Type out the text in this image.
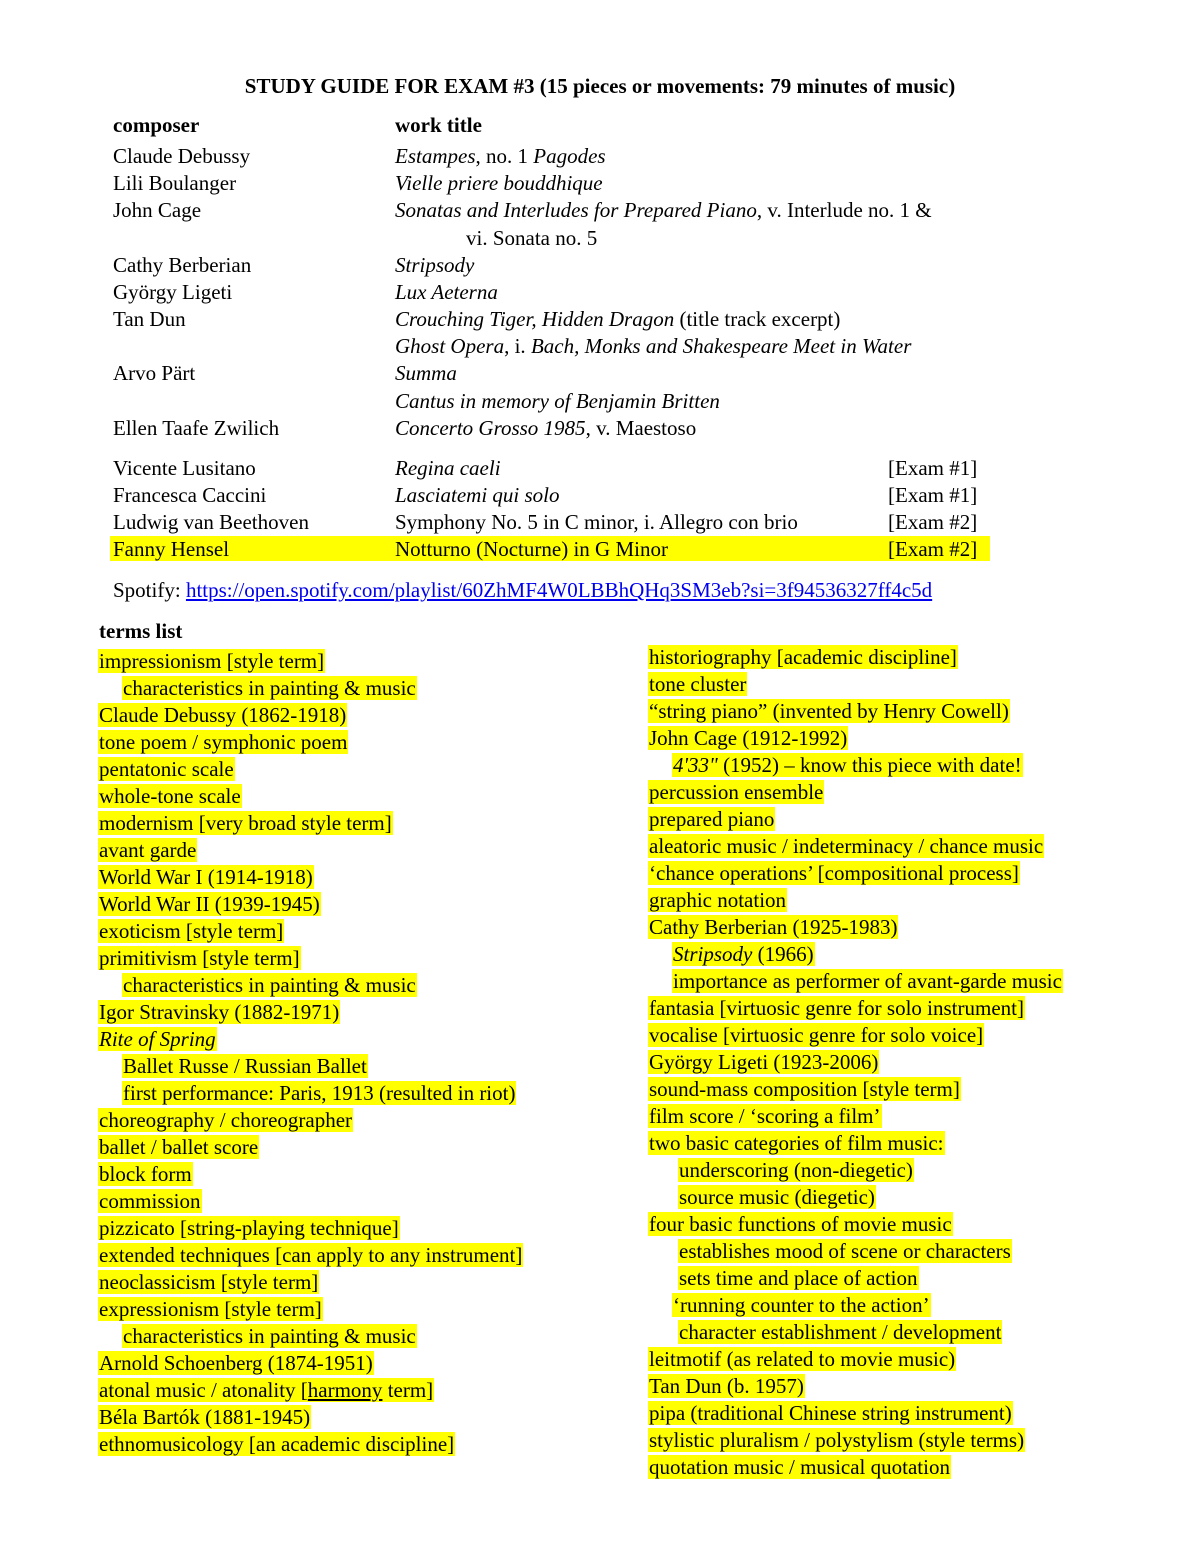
STUDY GUIDE FOR EXAM #3 (15 pieces or movements: 79 minutes of music)
composer	work title
Claude Debussy	Estampes, no. 1 Pagodes
Lili Boulanger	Vielle priere bouddhique
John Cage	Sonatas and Interludes for Prepared Piano, v. Interlude no. 1 &
vi. Sonata no. 5
Cathy Berberian	Stripsody
György Ligeti	Lux Aeterna
Tan Dun	Crouching Tiger, Hidden Dragon (title track excerpt)
Ghost Opera, i. Bach, Monks and Shakespeare Meet in Water
Arvo Pärt	Summa
Cantus in memory of Benjamin Britten
Ellen Taafe Zwilich	Concerto Grosso 1985, v. Maestoso
Vicente Lusitano	Regina caeli	[Exam #1]
Francesca Caccini	Lasciatemi qui solo	[Exam #1]
Ludwig van Beethoven	Symphony No. 5 in C minor, i. Allegro con brio	[Exam #2]
Fanny Hensel	Notturno (Nocturne) in G Minor	[Exam #2]
Spotify: https://open.spotify.com/playlist/60ZhMF4W0LBBhQHq3SM3eb?si=3f94536327ff4c5d
terms list
impressionism [style term]
characteristics in painting & music
Claude Debussy (1862-1918)
tone poem / symphonic poem
pentatonic scale
whole-tone scale
modernism [very broad style term]
avant garde
World War I (1914-1918)
World War II (1939-1945)
exoticism [style term]
primitivism [style term]
characteristics in painting & music
Igor Stravinsky (1882-1971)
Rite of Spring
Ballet Russe / Russian Ballet
first performance: Paris, 1913 (resulted in riot)
choreography / choreographer
ballet / ballet score
block form
commission
pizzicato [string-playing technique]
extended techniques [can apply to any instrument]
neoclassicism [style term]
expressionism [style term]
characteristics in painting & music
Arnold Schoenberg (1874-1951)
atonal music / atonality [harmony term]
Béla Bartók (1881-1945)
ethnomusicology [an academic discipline]
historiography [academic discipline]
tone cluster
“string piano” (invented by Henry Cowell)
John Cage (1912-1992)
4'33" (1952) – know this piece with date!
percussion ensemble
prepared piano
aleatoric music / indeterminacy / chance music
‘chance operations’ [compositional process]
graphic notation
Cathy Berberian (1925-1983)
Stripsody (1966)
importance as performer of avant-garde music
fantasia [virtuosic genre for solo instrument]
vocalise [virtuosic genre for solo voice]
György Ligeti (1923-2006)
sound-mass composition [style term]
film score / ‘scoring a film’
two basic categories of film music:
underscoring (non-diegetic)
source music (diegetic)
four basic functions of movie music
establishes mood of scene or characters
sets time and place of action
‘running counter to the action’
character establishment / development
leitmotif (as related to movie music)
Tan Dun (b. 1957)
pipa (traditional Chinese string instrument)
stylistic pluralism / polystylism (style terms)
quotation music / musical quotation
